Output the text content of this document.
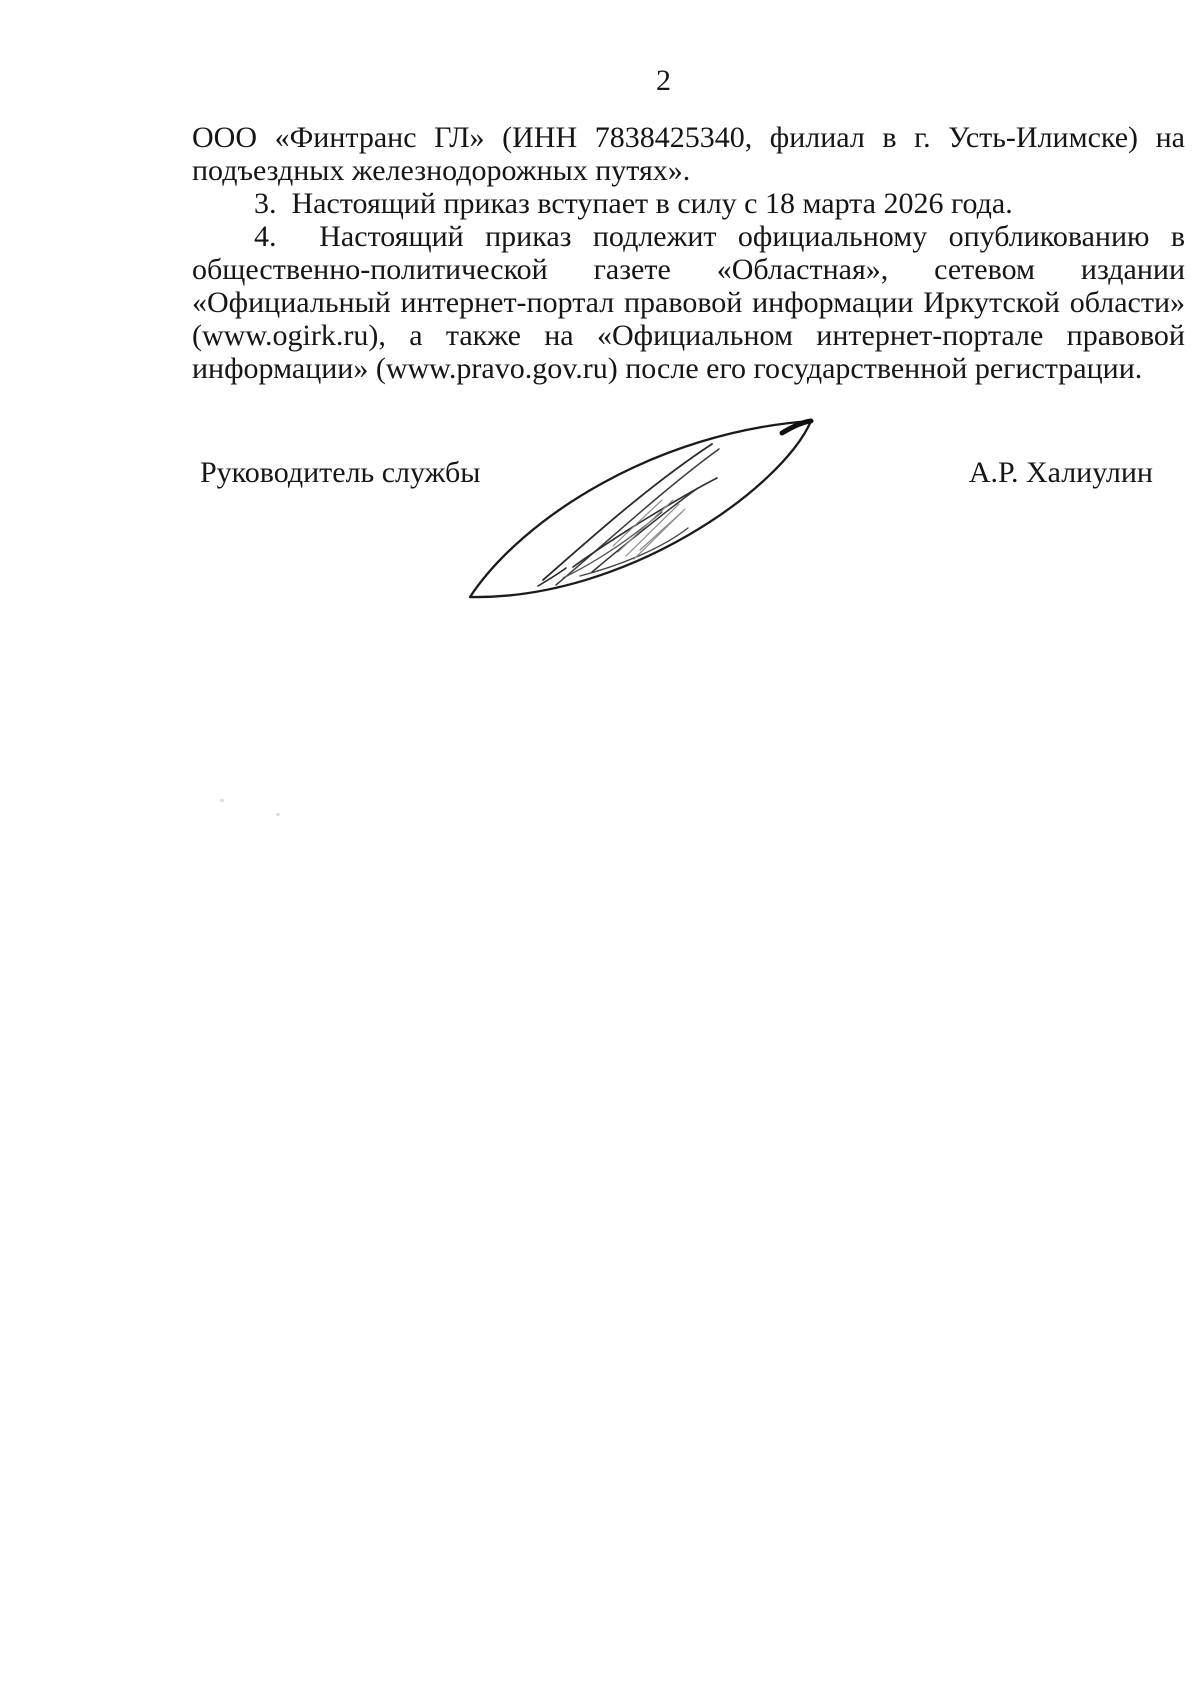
2
ООО «Финтранс ГЛ» (ИНН 7838425340, филиал в г. Усть-Илимске) на
подъездных железнодорожных путях».
3.  Настоящий приказ вступает в силу с 18 марта 2026 года.
4.  Настоящий приказ подлежит официальному опубликованию в
общественно-политической газете «Областная», сетевом издании
«Официальный интернет-портал правовой информации Иркутской области»
(www.ogirk.ru), а также на «Официальном интернет-портале правовой
информации» (www.pravo.gov.ru) после его государственной регистрации.
Руководитель службы	А.Р. Халиулин
